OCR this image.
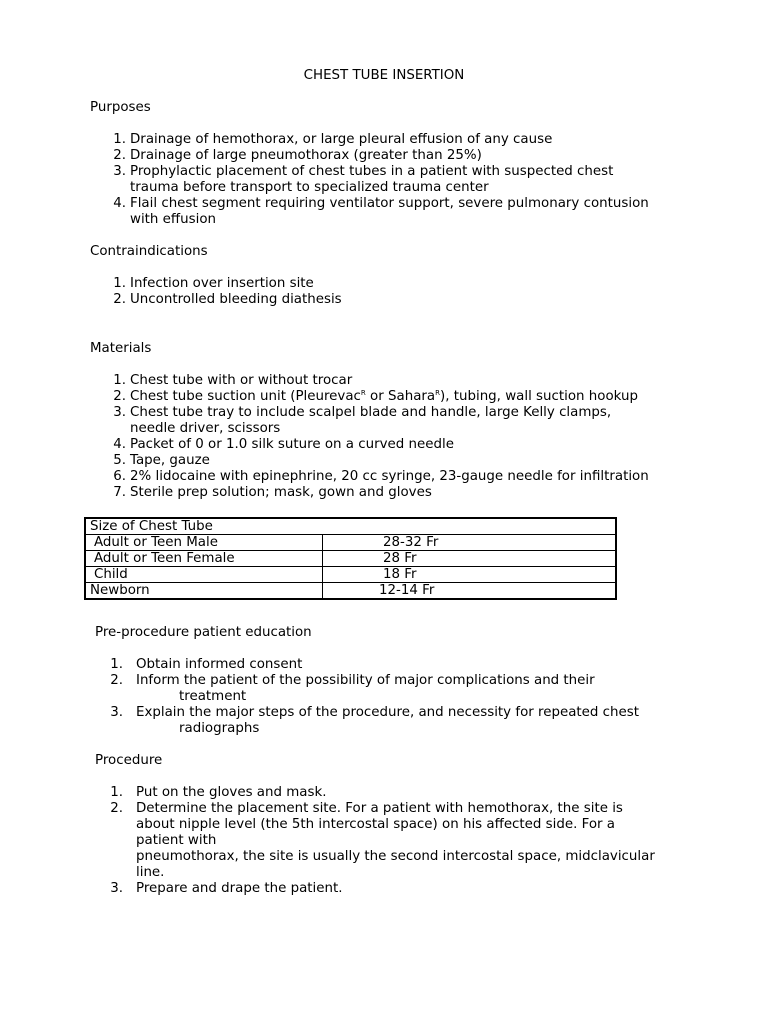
CHEST TUBE INSERTION
Purposes
1. Drainage of hemothorax, or large pleural effusion of any cause
2. Drainage of large pneumothorax (greater than 25%)
3. Prophylactic placement of chest tubes in a patient with suspected chest
trauma before transport to specialized trauma center
4. Flail chest segment requiring ventilator support, severe pulmonary contusion
with effusion
Contraindications
1. Infection over insertion site
2. Uncontrolled bleeding diathesis
Materials
1. Chest tube with or without trocar
2. Chest tube suction unit (Pleurevac$^R$ or Sahara$^R$), tubing, wall suction hookup
3. Chest tube tray to include scalpel blade and handle, large Kelly clamps,
needle driver, scissors
4. Packet of 0 or 1.0 silk suture on a curved needle
5. Tape, gauze
6. 2% lidocaine with epinephrine, 20 cc syringe, 23-gauge needle for infiltration
7. Sterile prep solution; mask, gown and gloves
Size of Chest Tube	
Adult or Teen Male	28-32 Fr
Adult or Teen Female	28 Fr
Child	18 Fr
Newborn	12-14 Fr
Pre-procedure patient education
1. Obtain informed consent
2. Inform the patient of the possibility of major complications and their
treatment
3. Explain the major steps of the procedure, and necessity for repeated chest
radiographs
Procedure
1. Put on the gloves and mask.
2. Determine the placement site. For a patient with hemothorax, the site is
about nipple level (the 5th intercostal space) on his affected side. For a
patient with
pneumothorax, the site is usually the second intercostal space, midclavicular
line.
3. Prepare and drape the patient.
